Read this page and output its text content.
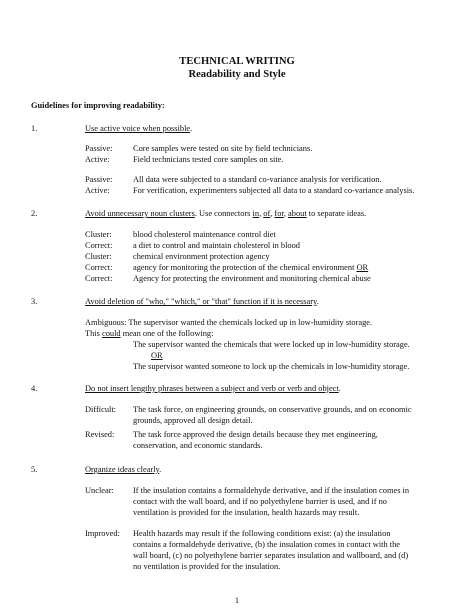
TECHNICAL WRITING
Readability and Style
Guidelines for improving readability:
1.	Use active voice when possible.
Passive: Core samples were tested on site by field technicians.
Active:	Field technicians tested core samples on site.
Passive: All data were subjected to a standard co-variance analysis for verification.
Active:	For verification, experimenters subjected all data to a standard co-variance analysis.
2.	Avoid unnecessary noun clusters. Use connectors in, of, for, about to separate ideas.
Cluster:	blood cholesterol maintenance control diet
Correct: a diet to control and maintain cholesterol in blood
Cluster:	chemical environment protection agency
Correct: agency for monitoring the protection of the chemical environment OR
Correct: Agency for protecting the environment and monitoring chemical abuse
3.	Avoid deletion of "who," "which," or "that" function if it is necessary.
Ambiguous: The supervisor wanted the chemicals locked up in low-humidity storage.
This could mean one of the following:
The supervisor wanted the chemicals that were locked up in low-humidity storage.
OR
The supervisor wanted someone to lock up the chemicals in low-humidity storage.
4.	Do not insert lengthy phrases between a subject and verb or verb and object.
Difficult: The task force, on engineering grounds, on conservative grounds, and on economic
grounds, approved all design detail.
Revised: The task force approved the design details because they met engineering,
conservation, and economic standards.
5.	Organize ideas clearly.
Unclear: If the insulation contains a formaldehyde derivative, and if the insulation comes in
contact with the wall board, and if no polyethylene barrier is used, and if no
ventilation is provided for the insulation, health hazards may result.
Improved: Health hazards may result if the following conditions exist: (a) the insulation
contains a formaldehyde derivative, (b) the insulation comes in contact with the
wall board, (c) no polyethylene barrier separates insulation and wallboard, and (d)
no ventilation is provided for the insulation.
1
